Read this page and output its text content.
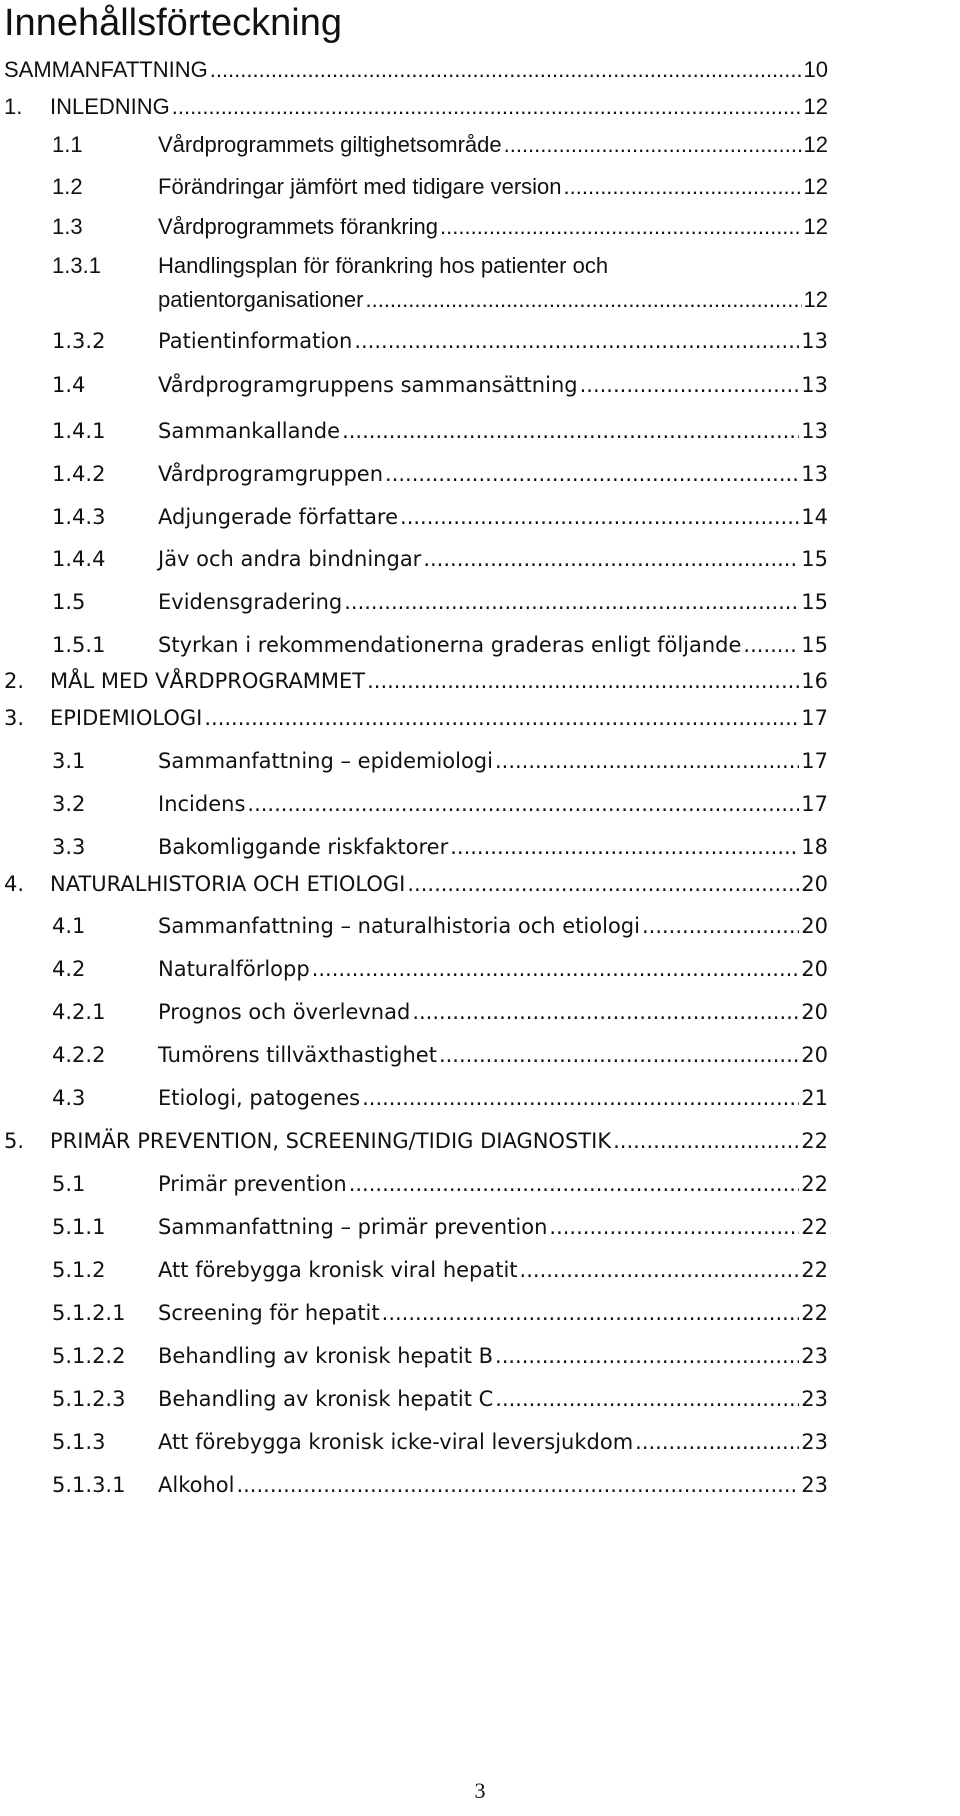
Innehållsförteckning
SAMMANFATTNING .....	10
1. INLEDNING .....	12
1.1	Vårdprogrammets giltighetsområde .....	12
1.2	Förändringar jämfört med tidigare version .....	12
1.3	Vårdprogrammets förankring .....	12
1.3.1	Handlingsplan för förankring hos patienter och
patientorganisationer .....	12
1.3.2	Patientinformation .....	13
1.4	Vårdprogramgruppens sammansättning .....	13
1.4.1	Sammankallande .....	13
1.4.2	Vårdprogramgruppen .....	13
1.4.3	Adjungerade författare .....	14
1.4.4	Jäv och andra bindningar .....	15
1.5	Evidensgradering .....	15
1.5.1	Styrkan i rekommendationerna graderas enligt följande .....	15
2. MÅL MED VÅRDPROGRAMMET .....	16
3. EPIDEMIOLOGI .....	17
3.1	Sammanfattning – epidemiologi .....	17
3.2	Incidens .....	17
3.3	Bakomliggande riskfaktorer .....	18
4. NATURALHISTORIA OCH ETIOLOGI .....	20
4.1	Sammanfattning – naturalhistoria och etiologi .....	20
4.2	Naturalförlopp .....	20
4.2.1	Prognos och överlevnad .....	20
4.2.2	Tumörens tillväxthastighet .....	20
4.3	Etiologi, patogenes .....	21
5. PRIMÄR PREVENTION, SCREENING/TIDIG DIAGNOSTIK .....	22
5.1	Primär prevention .....	22
5.1.1	Sammanfattning – primär prevention .....	22
5.1.2	Att förebygga kronisk viral hepatit .....	22
5.1.2.1 Screening för hepatit .....	22
5.1.2.2 Behandling av kronisk hepatit B .....	23
5.1.2.3 Behandling av kronisk hepatit C .....	23
5.1.3	Att förebygga kronisk icke-viral leversjukdom .....	23
5.1.3.1 Alkohol .....	23
3
